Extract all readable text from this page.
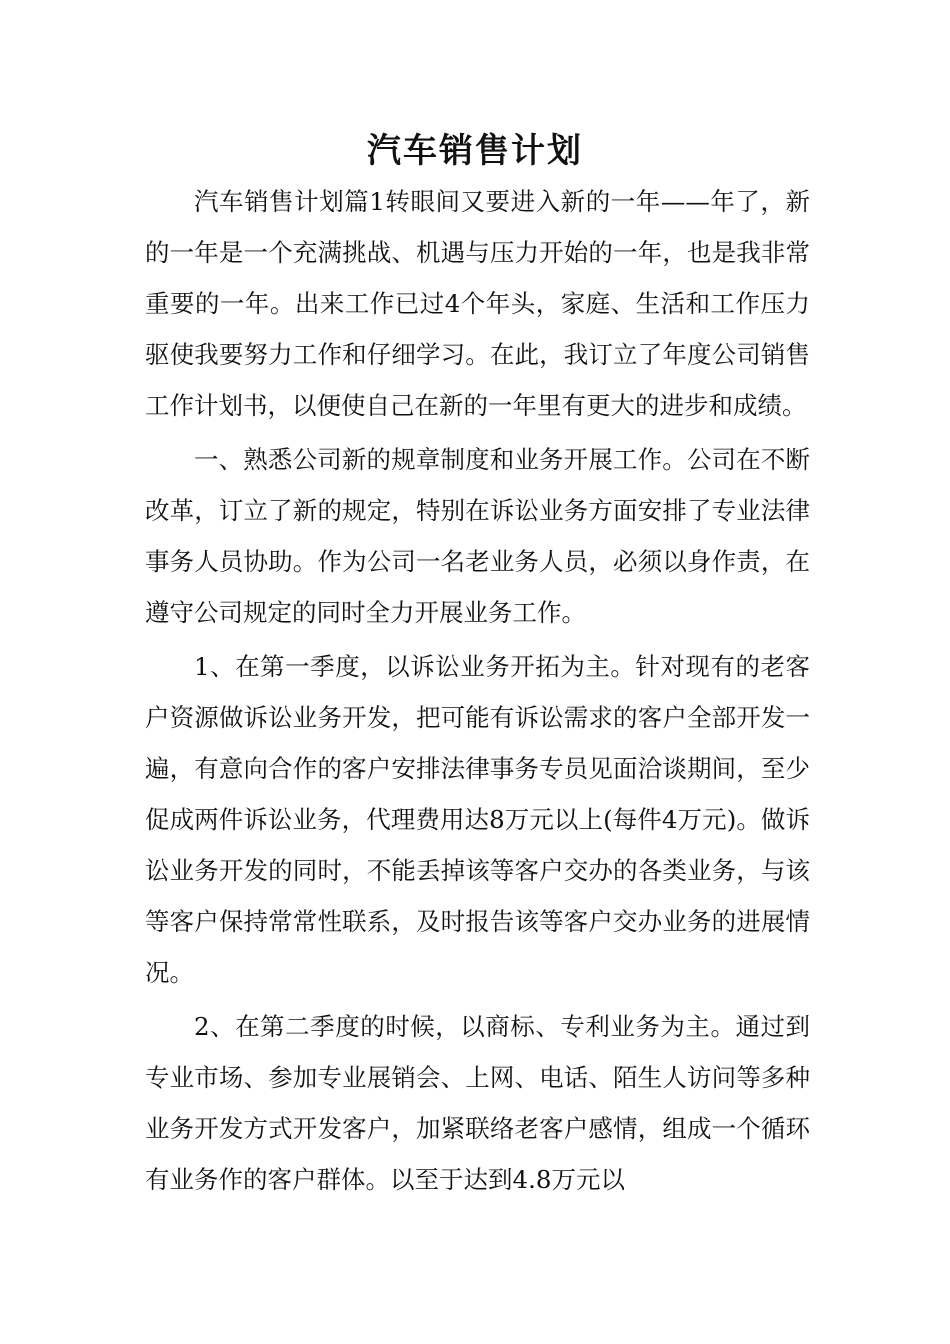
汽车销售计划

汽车销售计划篇1转眼间又要进入新的一年——年了，新的一年是一个充满挑战、机遇与压力开始的一年，也是我非常重要的一年。出来工作已过4个年头，家庭、生活和工作压力驱使我要努力工作和仔细学习。在此，我订立了年度公司销售工作计划书，以便使自己在新的一年里有更大的进步和成绩。

一、熟悉公司新的规章制度和业务开展工作。公司在不断改革，订立了新的规定，特别在诉讼业务方面安排了专业法律事务人员协助。作为公司一名老业务人员，必须以身作责，在遵守公司规定的同时全力开展业务工作。

1、在第一季度，以诉讼业务开拓为主。针对现有的老客户资源做诉讼业务开发，把可能有诉讼需求的客户全部开发一遍，有意向合作的客户安排法律事务专员见面洽谈期间，至少促成两件诉讼业务，代理费用达8万元以上(每件4万元)。做诉讼业务开发的同时，不能丢掉该等客户交办的各类业务，与该等客户保持常常性联系，及时报告该等客户交办业务的进展情况。

2、在第二季度的时候，以商标、专利业务为主。通过到专业市场、参加专业展销会、上网、电话、陌生人访问等多种业务开发方式开发客户，加紧联络老客户感情，组成一个循环有业务作的客户群体。以至于达到4.8万元以
